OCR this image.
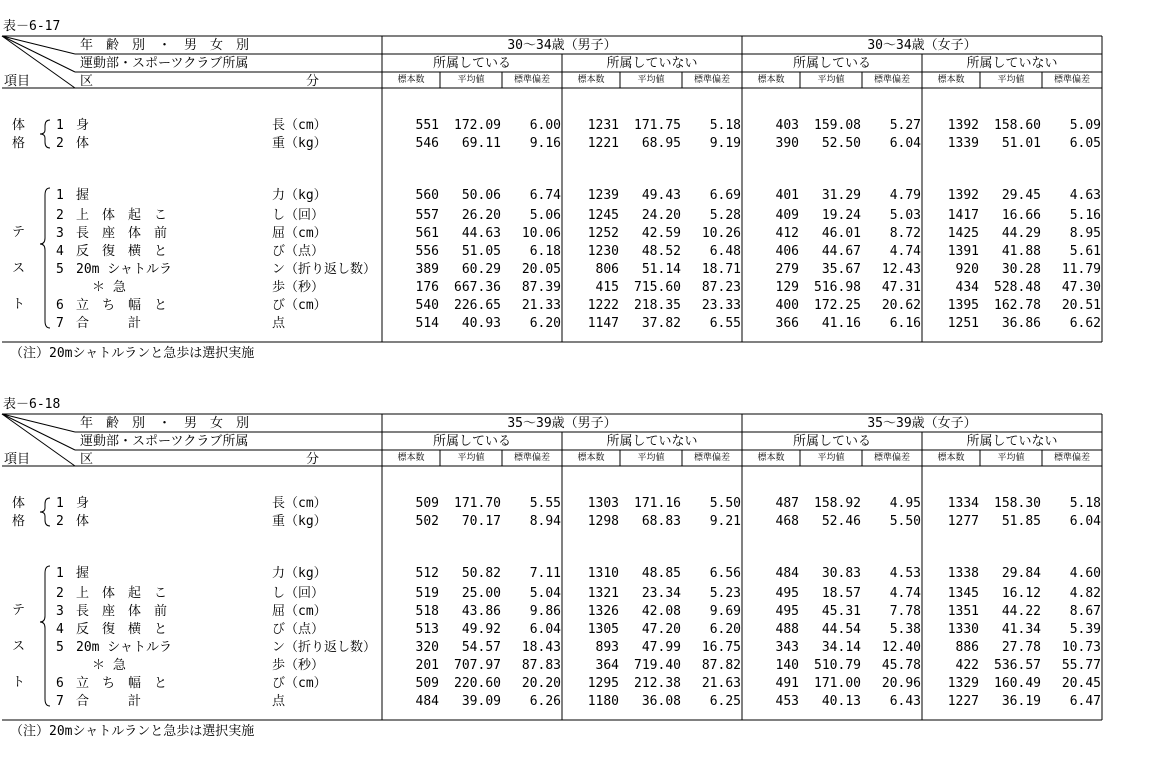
表－6-17
年　齢　別　・　男　女　別
運動部・スポーツクラブ所属
項目	区	分
30～34歳（男子）	30～34歳（女子）
所属している	所属していない	所属している	所属していない
標本数	平均値	標準偏差	標本数	平均値	標準偏差	標本数	平均値	標準偏差	標本数	平均値	標準偏差
体 1 身	長（cm）	551	172.09	6.00	1231	171.75	5.18	403	159.08	5.27	1392	158.60	5.09
格 2 体	重（kg）	546	69.11	9.16	1221	68.95	9.19	390	52.50	6.04	1339	51.01	6.05
1 握	力（kg）	560	50.06	6.74	1239	49.43	6.69	401	31.29	4.79	1392	29.45	4.63
テ
2 上　体　起　こ	し（回）	557	26.20	5.06	1245	24.20	5.28	409	19.24	5.03	1417	16.66	5.16
3 長　座　体　前	屈（cm）	561	44.63	10.06	1252	42.59	10.26	412	46.01	8.72	1425	44.29	8.95
ス
4 反　復　横　と	び（点）	556	51.05	6.18	1230	48.52	6.48	406	44.67	4.74	1391	41.88	5.61
5 20m シャトルラ	ン（折り返し数）	389	60.29	20.05	806	51.14	18.71	279	35.67	12.43	920	30.28	11.79
＊ 急	歩（秒）	176	667.36	87.39	415	715.60	87.23	129	516.98	47.31	434	528.48	47.30
ト 6 立　ち　幅　と	び（cm）	540	226.65	21.33	1222	218.35	23.33	400	172.25	20.62	1395	162.78	20.51
7 合　　　計	点	514	40.93	6.20	1147	37.82	6.55	366	41.16	6.16	1251	36.86	6.62
（注）20mシャトルランと急歩は選択実施
表－6-18
年　齢　別　・　男　女　別
運動部・スポーツクラブ所属
項目	区	分
35～39歳（男子）	35～39歳（女子）
所属している	所属していない	所属している	所属していない
標本数	平均値	標準偏差	標本数	平均値	標準偏差	標本数	平均値	標準偏差	標本数	平均値	標準偏差
体 1 身	長（cm）	509	171.70	5.55	1303	171.16	5.50	487	158.92	4.95	1334	158.30	5.18
格 2 体	重（kg）	502	70.17	8.94	1298	68.83	9.21	468	52.46	5.50	1277	51.85	6.04
1 握	力（kg）	512	50.82	7.11	1310	48.85	6.56	484	30.83	4.53	1338	29.84	4.60
テ
2 上　体　起　こ	し（回）	519	25.00	5.04	1321	23.34	5.23	495	18.57	4.74	1345	16.12	4.82
3 長　座　体　前	屈（cm）	518	43.86	9.86	1326	42.08	9.69	495	45.31	7.78	1351	44.22	8.67
ス
4 反　復　横　と	び（点）	513	49.92	6.04	1305	47.20	6.20	488	44.54	5.38	1330	41.34	5.39
5 20m シャトルラ	ン（折り返し数）	320	54.57	18.43	893	47.99	16.75	343	34.14	12.40	886	27.78	10.73
＊ 急	歩（秒）	201	707.97	87.83	364	719.40	87.82	140	510.79	45.78	422	536.57	55.77
ト 6 立　ち　幅　と	び（cm）	509	220.60	20.20	1295	212.38	21.63	491	171.00	20.96	1329	160.49	20.45
7 合　　　計	点	484	39.09	6.26	1180	36.08	6.25	453	40.13	6.43	1227	36.19	6.47
（注）20mシャトルランと急歩は選択実施
